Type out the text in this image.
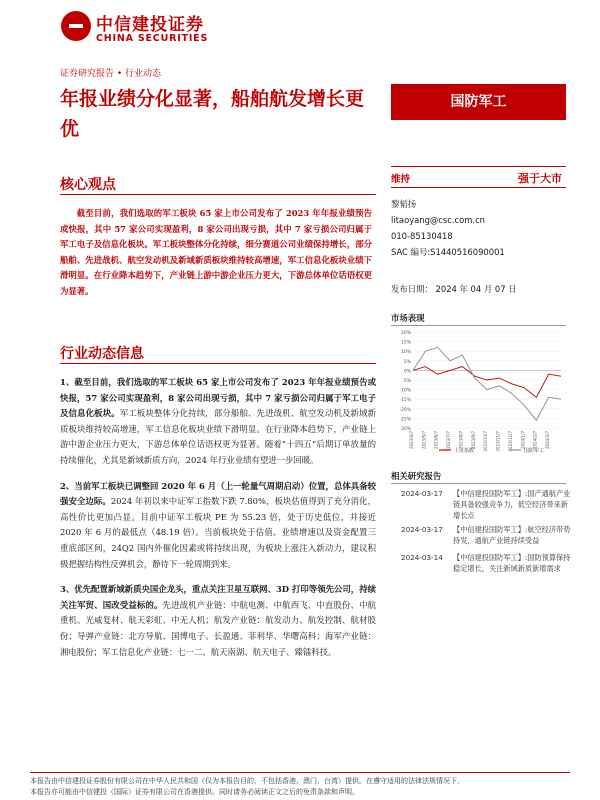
中信建投证券
CHINA SECURITIES
证券研究报告 • 行业动态
年报业绩分化显著，船舶航发增长更优
国防军工
核心观点
截至目前，我们选取的军工板块 65 家上市公司发布了 2023 年年报业绩预告或快报，其中 57 家公司实现盈利，8 家公司出现亏损，其中 7 家亏损公司归属于军工电子及信息化板块。军工板块整体分化持续，细分赛道公司业绩保持增长，部分船舶、先进战机、航空发动机及新域新质板块维持较高增速，军工信息化板块业绩下滑明显。在行业降本趋势下，产业链上游中游企业压力更大，下游总体单位话语权更为显著。
行业动态信息

1、截至目前，我们选取的军工板块 65 家上市公司发布了 2023 年年报业绩预告或快报，57 家公司实现盈利，8 家公司出现亏损，其中 7 家亏损公司归属于军工电子及信息化板块。军工板块整体分化持续，部分船舶、先进战机、航空发动机及新域新质板块维持较高增速，军工信息化板块业绩下滑明显。在行业降本趋势下，产业链上游中游企业压力更大，下游总体单位话语权更为显著。随着“十四五”后期订单放量的持续催化，尤其是新域新质方向，2024 年行业业绩有望进一步回暖。

2、当前军工板块已调整回 2020 年 6 月（上一轮量气周期启动）位置，总体具备较强安全边际。2024 年初以来中证军工指数下跌 7.80%，板块估值得到了充分消化，高性价比更加凸显。目前中证军工板块 PE 为 55.23 倍，处于历史低位，并接近 2020 年 6 月的最低点（48.19 倍）。当前板块处于估值、业绩增速以及资金配置三重底部区间，24Q2 国内外催化因素或将持续出现，为板块上涨注入新动力，建议积极把握结构性反弹机会，静待下一轮周期到来。

3、优先配置新域新质央国企龙头，重点关注卫星互联网、3D 打印等领先公司，持续关注军贸、国改受益标的。先进战机产业链：中航电测、中航西飞、中直股份、中航重机、光威复材、航天彩虹、中无人机；航发产业链：航发动力、航发控制、航材股份；导弹产业链：北方导航、国博电子、长盈通、菲利华、华曙高科；海军产业链：湘电股份；军工信息化产业链：七一二、航天南湖、航天电子、臻镭科技。

维持	强于大市
黎韬扬
litaoyang@csc.com.cn
010-85130418
SAC 编号:S1440516090001
发布日期： 2024 年 04 月 07 日
市场表现
20%
15%
10%
5%
0%
-5%
-10%
-15%
-20%
-25%
-30%
2023/4/7 2023/5/7 2023/6/7 2023/7/7 2023/8/7 2023/9/7 2023/10/7 2023/11/7 2023/12/7 2024/1/7 2024/2/7 2024/3/7
上证指数	国防军工
相关研究报告
2024-03-17 【中信建投国防军工】:国产通航产业链具备较强竞争力，低空经济带来新增长点
2024-03-17 【中信建投国防军工】:航空经济带势持发，通航产业链持续受益
2024-03-14 【中信建投国防军工】:国防预算保持稳定增长，关注新域新质新增需求
本报告由中信建投证券股份有限公司在中华人民共和国（仅为本报告目的，不包括香港、澳门、台湾）提供。在遵守适用的法律法规情况下，
本报告亦可能由中信建投（国际）证券有限公司在香港提供。同时请务必阅读正文之后的免责条款和声明。
